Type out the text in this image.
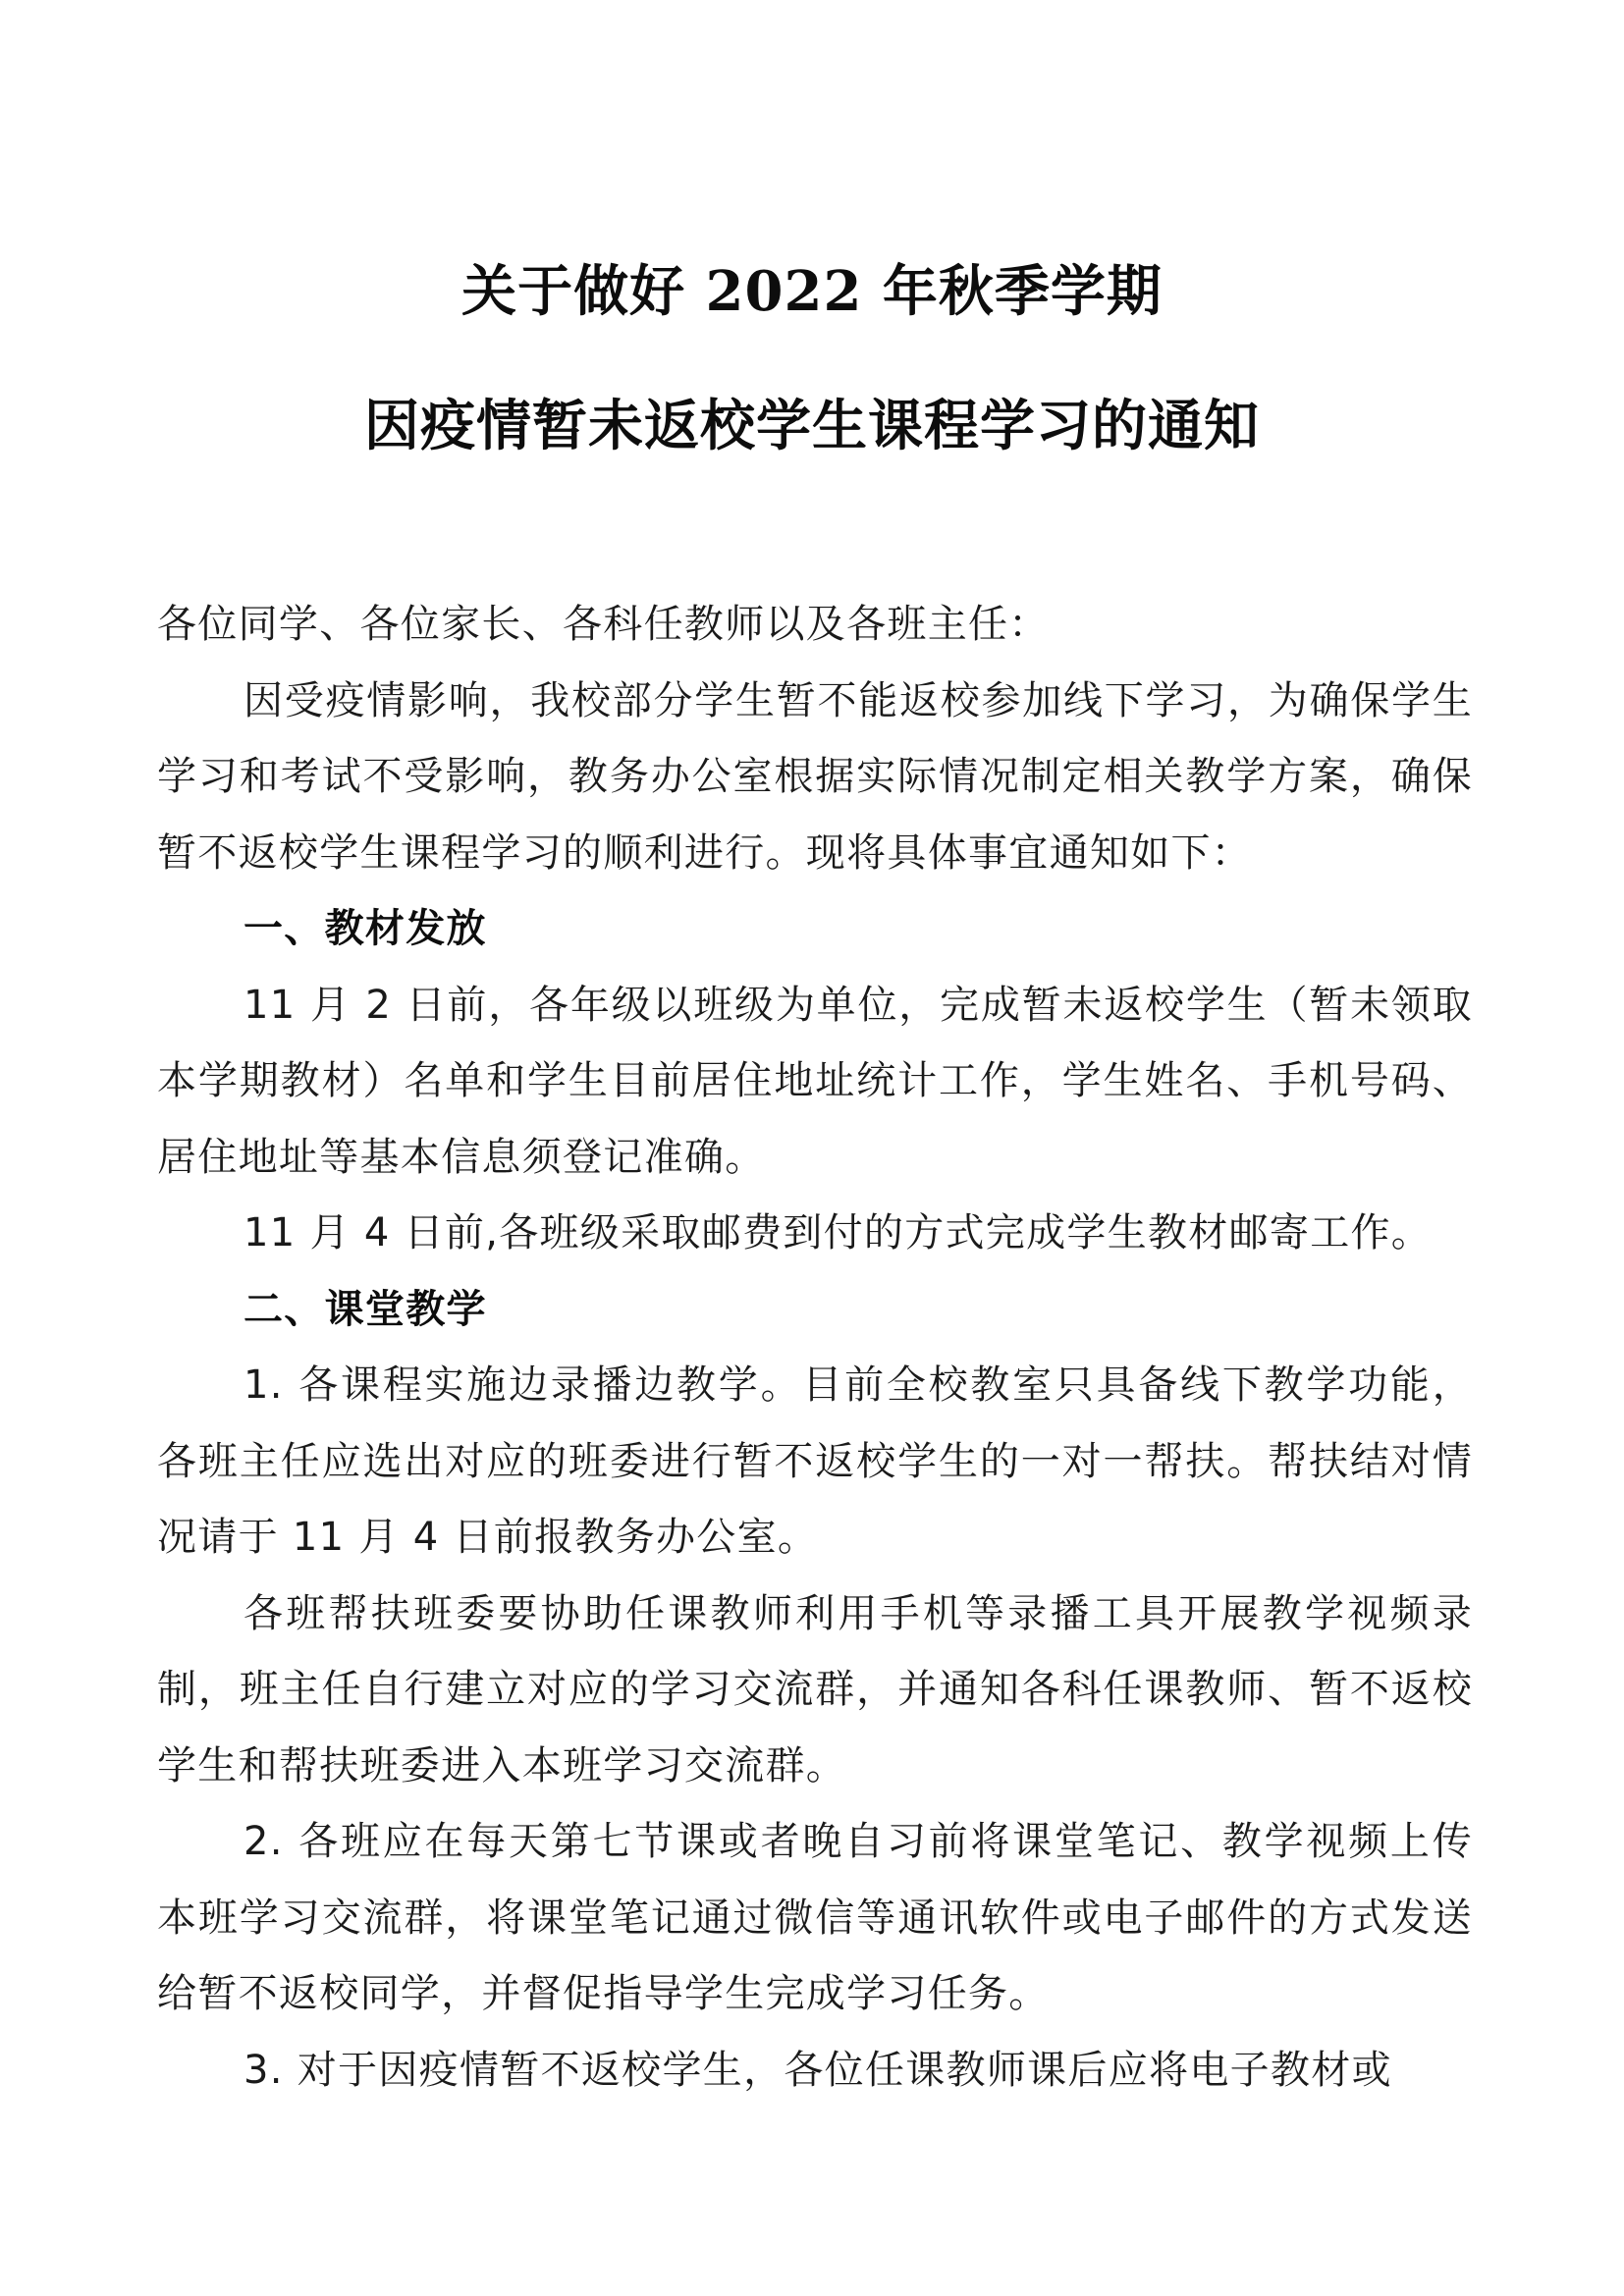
关于做好 2022 年秋季学期
因疫情暂未返校学生课程学习的通知

各位同学、各位家长、各科任教师以及各班主任：

因受疫情影响，我校部分学生暂不能返校参加线下学习，为确保学生学习和考试不受影响，教务办公室根据实际情况制定相关教学方案，确保暂不返校学生课程学习的顺利进行。现将具体事宜通知如下：

一、教材发放

11 月 2 日前，各年级以班级为单位，完成暂未返校学生（暂未领取本学期教材）名单和学生目前居住地址统计工作，学生姓名、手机号码、居住地址等基本信息须登记准确。

11 月 4 日前,各班级采取邮费到付的方式完成学生教材邮寄工作。

二、课堂教学

1. 各课程实施边录播边教学。目前全校教室只具备线下教学功能，各班主任应选出对应的班委进行暂不返校学生的一对一帮扶。帮扶结对情况请于 11 月 4 日前报教务办公室。

各班帮扶班委要协助任课教师利用手机等录播工具开展教学视频录制，班主任自行建立对应的学习交流群，并通知各科任课教师、暂不返校学生和帮扶班委进入本班学习交流群。

2. 各班应在每天第七节课或者晚自习前将课堂笔记、教学视频上传本班学习交流群，将课堂笔记通过微信等通讯软件或电子邮件的方式发送给暂不返校同学，并督促指导学生完成学习任务。

3. 对于因疫情暂不返校学生，各位任课教师课后应将电子教材或
